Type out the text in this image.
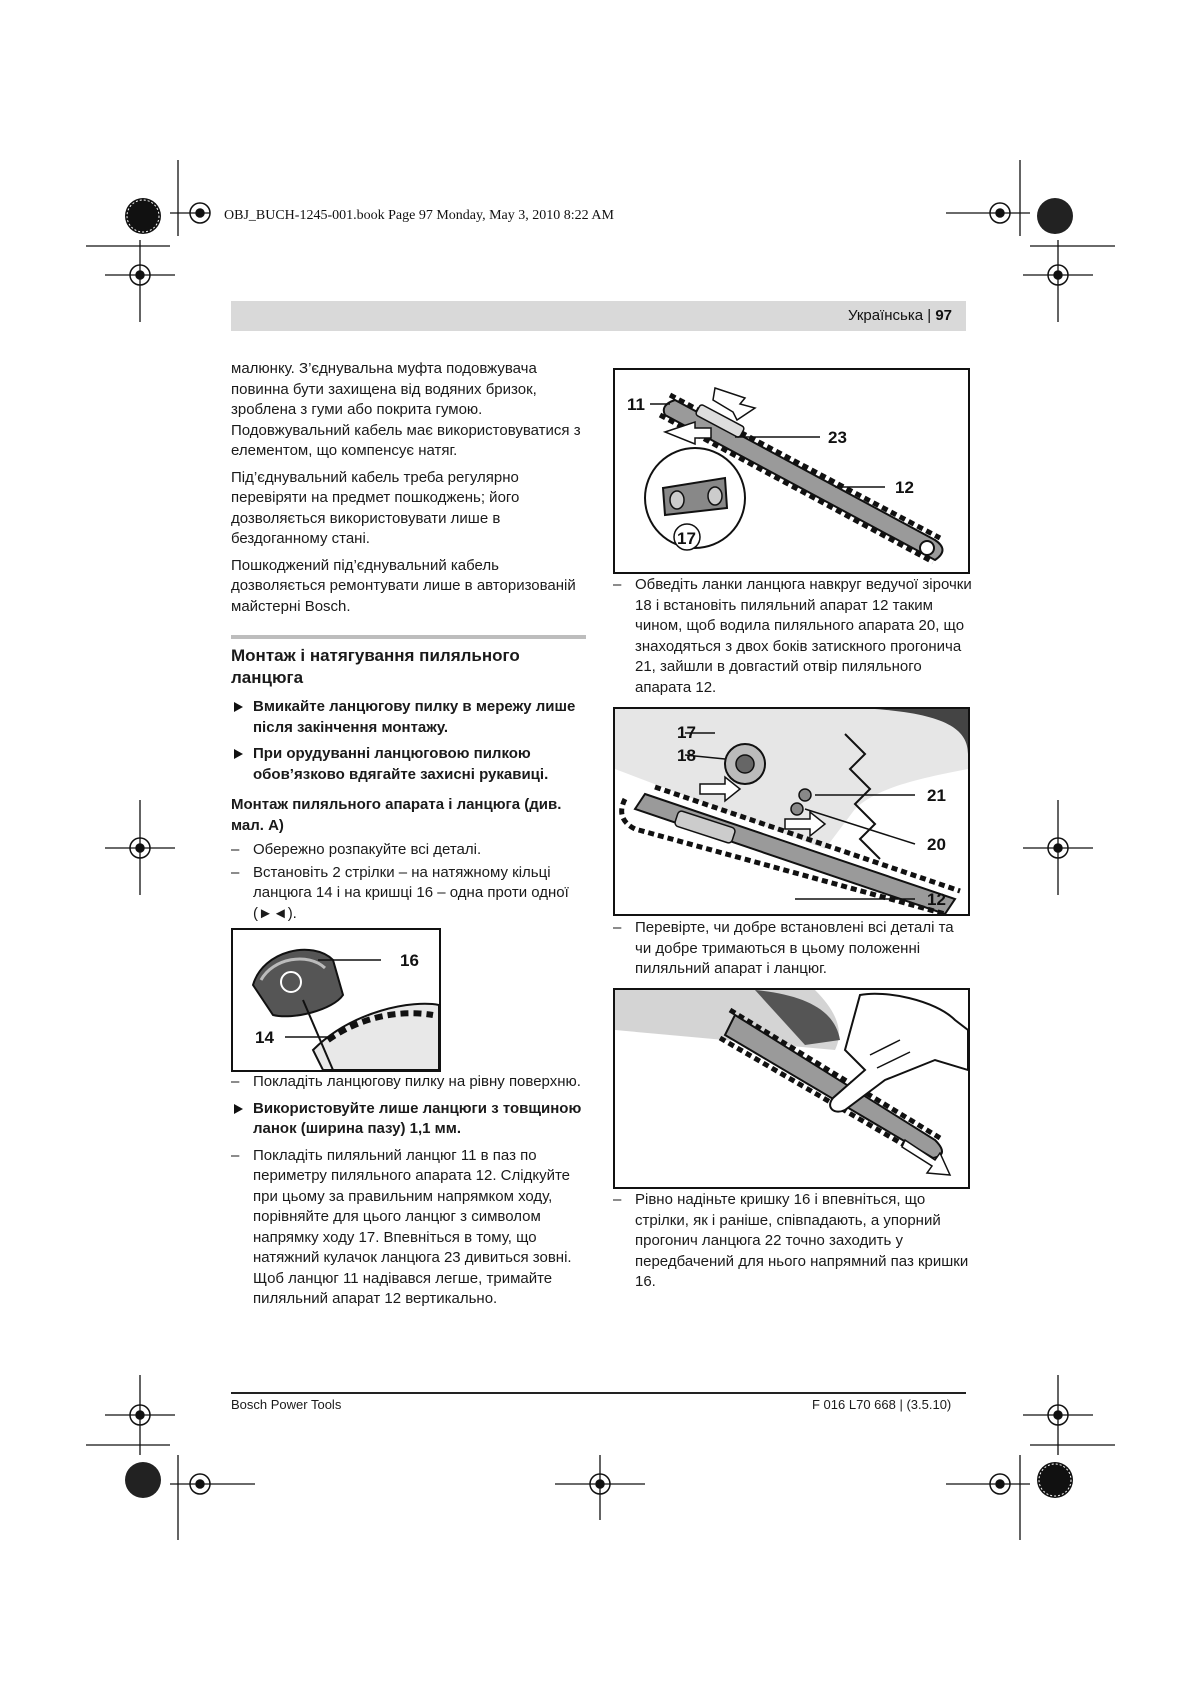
OBJ_BUCH-1245-001.book Page 97 Monday, May 3, 2010 8:22 AM
Українська | 97

малюнку. З’єднувальна муфта подовжувача повинна бути захищена від водяних бризок, зроблена з гуми або покрита гумою. Подовжувальний кабель має використовуватися з елементом, що компенсує натяг.

Під’єднувальний кабель треба регулярно перевіряти на предмет пошкоджень; його дозволяється використовувати лише в бездоганному стані.

Пошкоджений під’єднувальний кабель дозволяється ремонтувати лише в авторизованій майстерні Bosch.

Монтаж і натягування пиляльного ланцюга
Вмикайте ланцюгову пилку в мережу лише після закінчення монтажу.
При орудуванні ланцюговою пилкою обов’язково вдягайте захисні рукавиці.
Монтаж пиляльного апарата і ланцюга (див. мал. А)
– Обережно розпакуйте всі деталі.
– Встановіть 2 стрілки – на натяжному кільці ланцюга 14 і на кришці 16 – одна проти одної (►◄).
16
14
– Покладіть ланцюгову пилку на рівну поверхню.
Використовуйте лише ланцюги з товщиною ланок (ширина пазу) 1,1 мм.
– Покладіть пиляльний ланцюг 11 в паз по периметру пиляльного апарата 12. Слідкуйте при цьому за правильним напрямком ходу, порівняйте для цього ланцюг з символом напрямку ходу 17. Впевніться в тому, що натяжний кулачок ланцюга 23 дивиться зовні. Щоб ланцюг 11 надівався легше, тримайте пиляльний апарат 12 вертикально.
11
23
12
17
– Обведіть ланки ланцюга навкруг ведучої зірочки 18 і встановіть пиляльний апарат 12 таким чином, щоб водила пиляльного апарата 20, що знаходяться з двох боків затискного прогонича 21, зайшли в довгастий отвір пиляльного апарата 12.
17
18
21
20
12
– Перевірте, чи добре встановлені всі деталі та чи добре тримаються в цьому положенні пиляльний апарат і ланцюг.
– Рівно надіньте кришку 16 і впевніться, що стрілки, як і раніше, співпадають, а упорний прогонич ланцюга 22 точно заходить у передбачений для нього напрямний паз кришки 16.
Bosch Power Tools	F 016 L70 668 | (3.5.10)
